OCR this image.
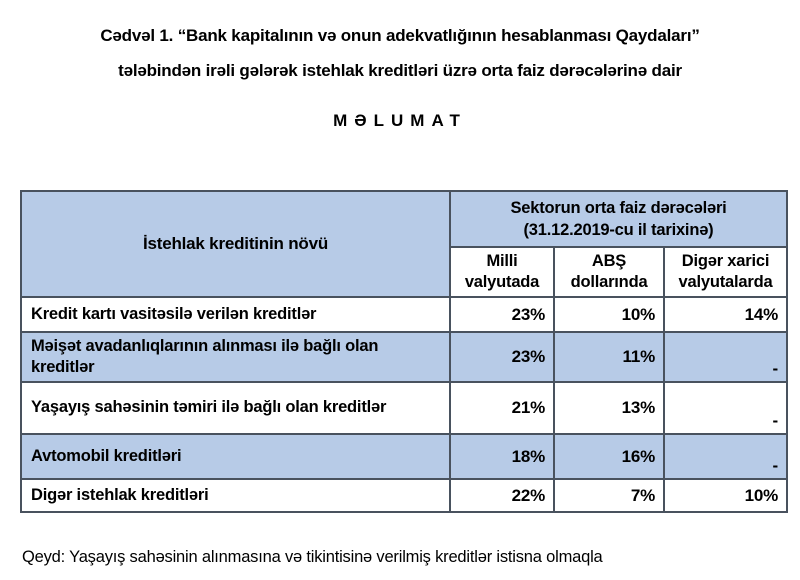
Cədvəl 1. “Bank kapitalının və onun adekvatlığının hesablanması Qaydaları”
tələbindən irəli gələrək istehlak kreditləri üzrə orta faiz dərəcələrinə dair
MƏLUMAT
İstehlak kreditinin növü	Sektorun orta faiz dərəcələri
(31.12.2019-cu il tarixinə)		

	Milli valyutada	ABŞ dollarında	Digər xarici valyutalarda
Kredit kartı vasitəsilə verilən kreditlər	23%	10%	14%
Məişət avadanlıqlarının alınması ilə bağlı olan kreditlər	23%	11%	-
Yaşayış sahəsinin təmiri ilə bağlı olan kreditlər	21%	13%	-
Avtomobil kreditləri	18%	16%	-
Digər istehlak kreditləri	22%	7%	10%
Qeyd: Yaşayış sahəsinin alınmasına və tikintisinə verilmiş kreditlər istisna olmaqla
